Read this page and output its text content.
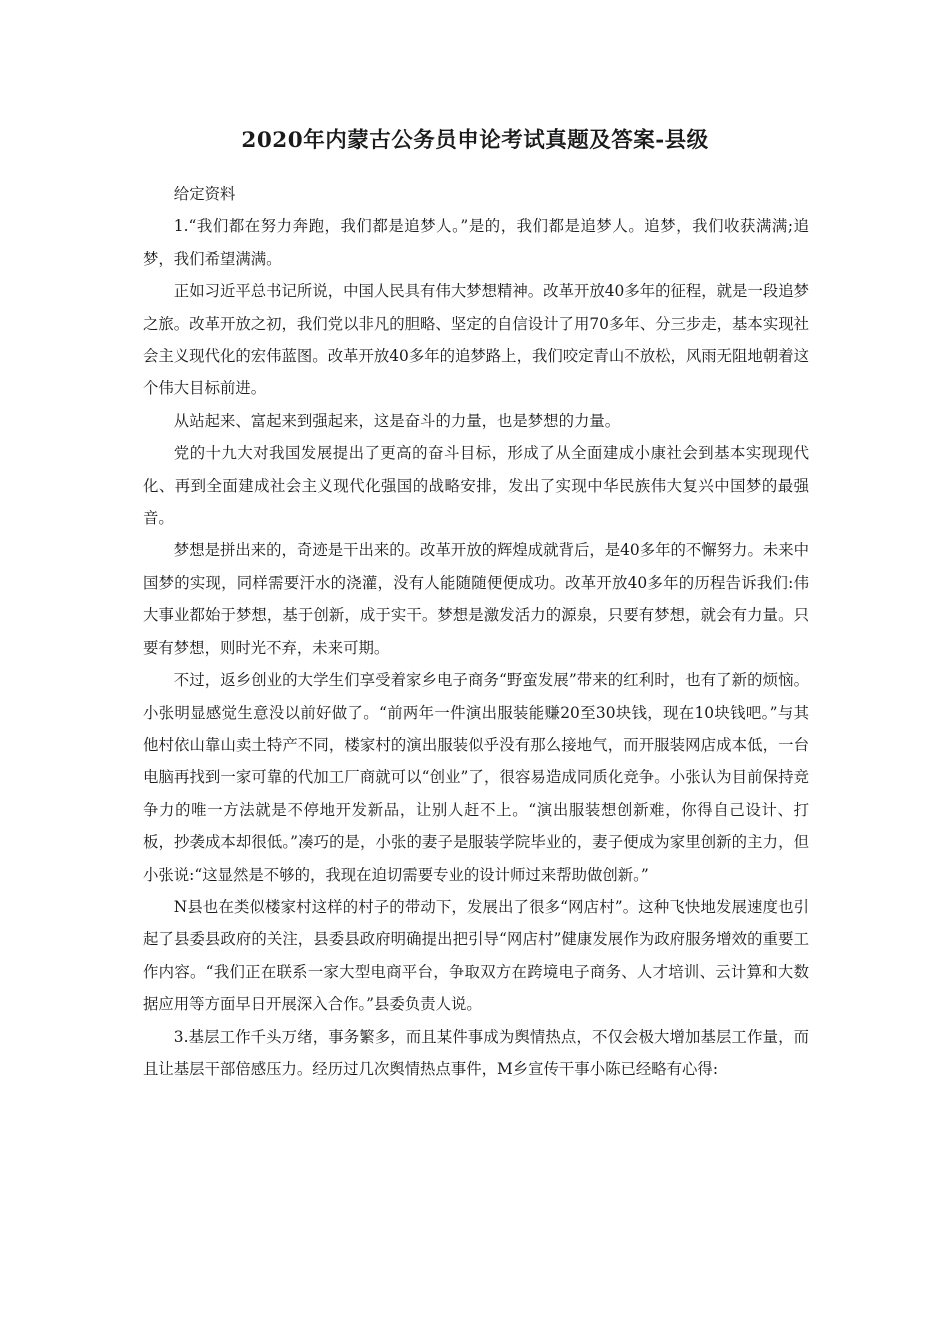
2020年内蒙古公务员申论考试真题及答案-县级

给定资料

1.“我们都在努力奔跑，我们都是追梦人。”是的，我们都是追梦人。追梦，我们收获满满;追梦，我们希望满满。

正如习近平总书记所说，中国人民具有伟大梦想精神。改革开放40多年的征程，就是一段追梦之旅。改革开放之初，我们党以非凡的胆略、坚定的自信设计了用70多年、分三步走，基本实现社会主义现代化的宏伟蓝图。改革开放40多年的追梦路上，我们咬定青山不放松，风雨无阻地朝着这个伟大目标前进。

从站起来、富起来到强起来，这是奋斗的力量，也是梦想的力量。

党的十九大对我国发展提出了更高的奋斗目标，形成了从全面建成小康社会到基本实现现代化、再到全面建成社会主义现代化强国的战略安排，发出了实现中华民族伟大复兴中国梦的最强音。

梦想是拼出来的，奇迹是干出来的。改革开放的辉煌成就背后，是40多年的不懈努力。未来中国梦的实现，同样需要汗水的浇灌，没有人能随随便便成功。改革开放40多年的历程告诉我们:伟大事业都始于梦想，基于创新，成于实干。梦想是激发活力的源泉，只要有梦想，就会有力量。只要有梦想，则时光不弃，未来可期。

不过，返乡创业的大学生们享受着家乡电子商务“野蛮发展”带来的红利时，也有了新的烦恼。小张明显感觉生意没以前好做了。“前两年一件演出服装能赚20至30块钱，现在10块钱吧。”与其他村依山靠山卖土特产不同，楼家村的演出服装似乎没有那么接地气，而开服装网店成本低，一台电脑再找到一家可靠的代加工厂商就可以“创业”了，很容易造成同质化竞争。小张认为目前保持竞争力的唯一方法就是不停地开发新品，让别人赶不上。“演出服装想创新难，你得自己设计、打板，抄袭成本却很低。”凑巧的是，小张的妻子是服装学院毕业的，妻子便成为家里创新的主力，但小张说:“这显然是不够的，我现在迫切需要专业的设计师过来帮助做创新。”

N县也在类似楼家村这样的村子的带动下，发展出了很多“网店村”。这种飞快地发展速度也引起了县委县政府的关注，县委县政府明确提出把引导“网店村”健康发展作为政府服务增效的重要工作内容。“我们正在联系一家大型电商平台，争取双方在跨境电子商务、人才培训、云计算和大数据应用等方面早日开展深入合作。”县委负责人说。

3.基层工作千头万绪，事务繁多，而且某件事成为舆情热点，不仅会极大增加基层工作量，而且让基层干部倍感压力。经历过几次舆情热点事件，M乡宣传干事小陈已经略有心得:
